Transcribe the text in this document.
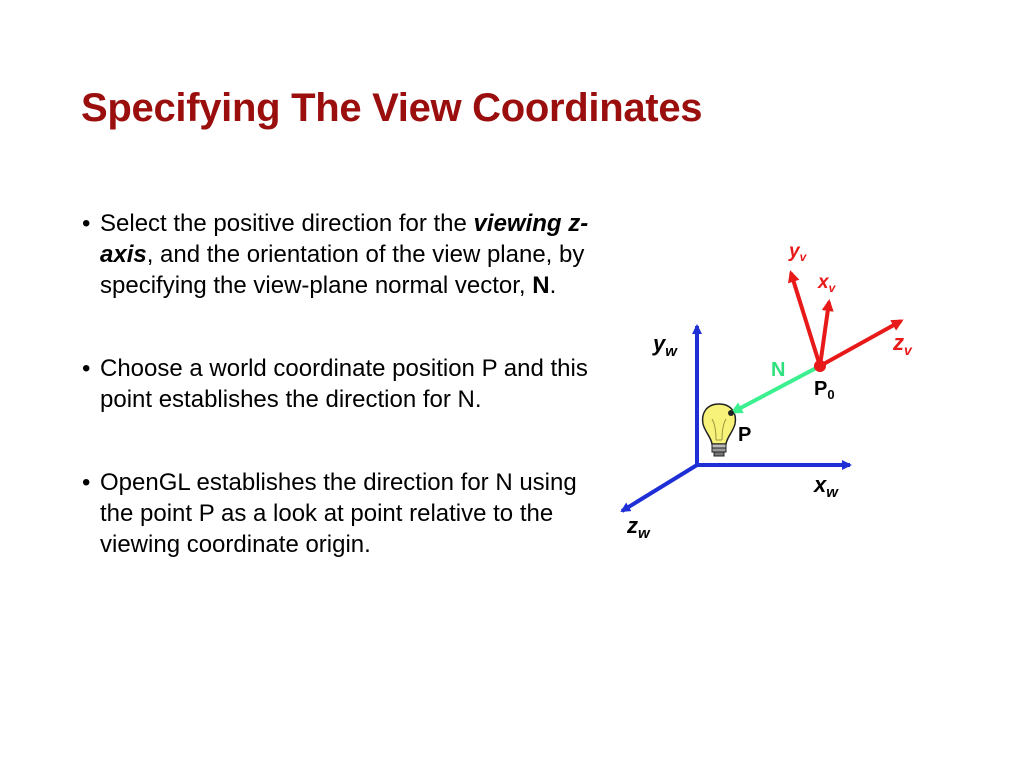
Specifying The View Coordinates
• Select the positive direction for the viewing z-axis, and the orientation of the view plane, by specifying the view-plane normal vector, N.
• Choose a world coordinate position P and this point establishes the direction for N.
• OpenGL establishes the direction for N using the point P as a look at point relative to the viewing coordinate origin.
$y_w$
$x_w$
$z_w$
$y_v$
$x_v$
$z_v$
N
$P_0$
P
